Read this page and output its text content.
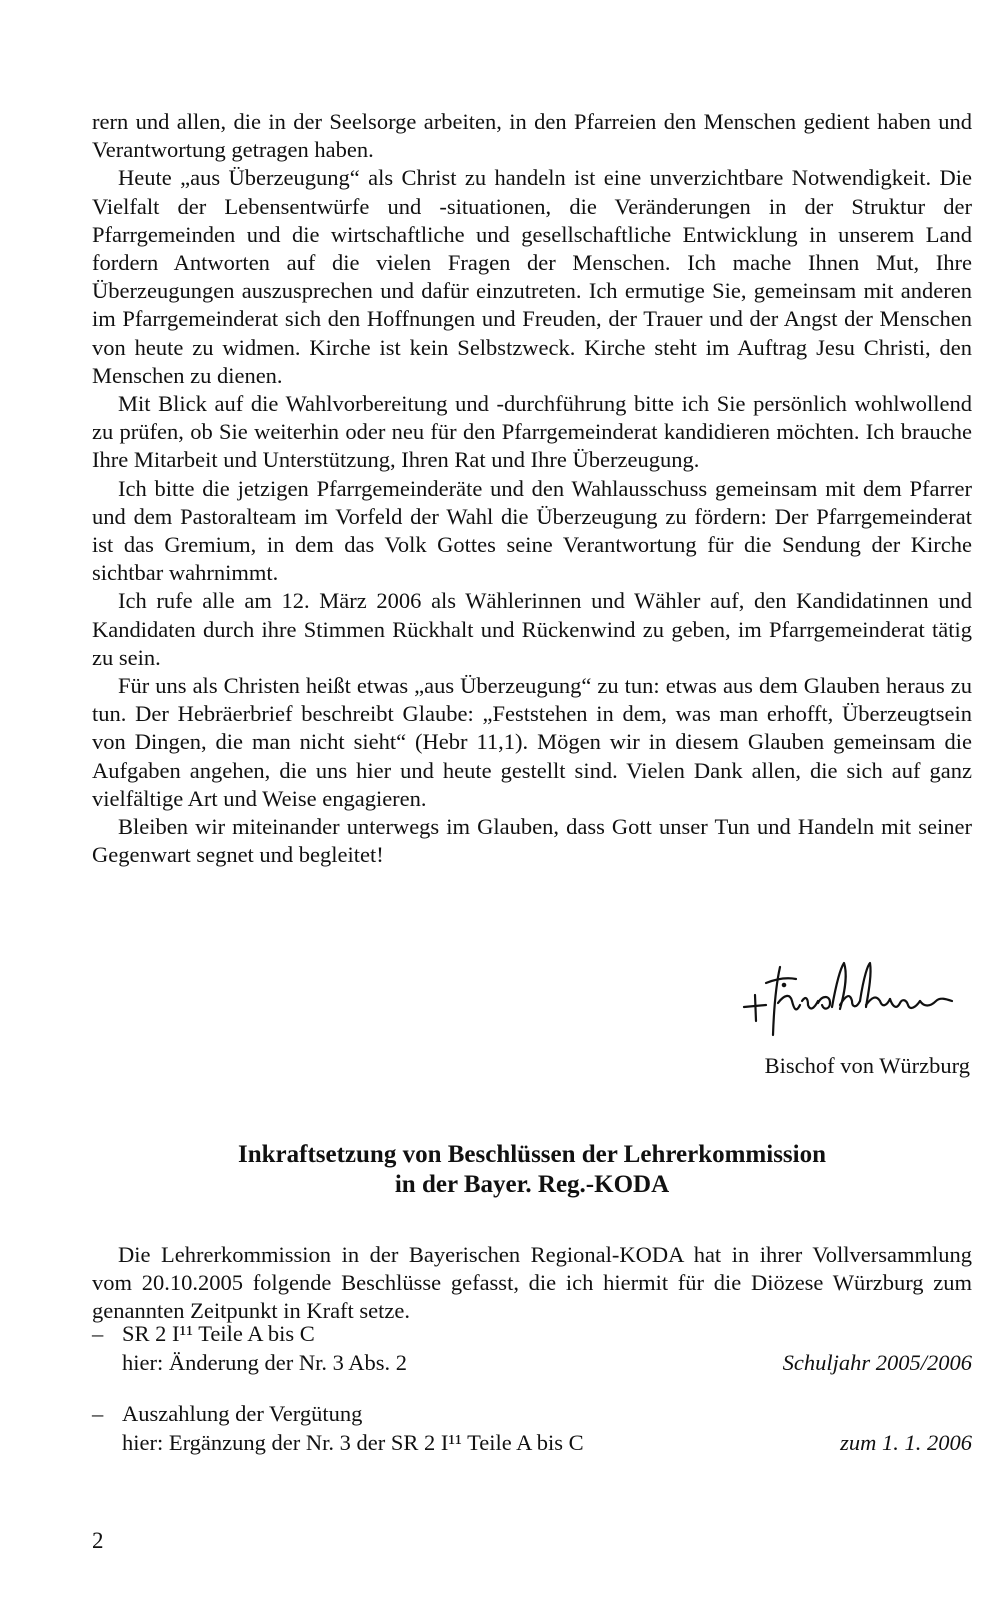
rern und allen, die in der Seelsorge arbeiten, in den Pfarreien den Menschen gedient haben und Verantwortung getragen haben.

Heute „aus Überzeugung“ als Christ zu handeln ist eine unverzichtbare Notwendigkeit. Die Vielfalt der Lebensentwürfe und -situationen, die Veränderungen in der Struktur der Pfarrgemeinden und die wirtschaftliche und gesellschaftliche Entwicklung in unserem Land fordern Antworten auf die vielen Fragen der Menschen. Ich mache Ihnen Mut, Ihre Überzeugungen auszusprechen und dafür einzutreten. Ich ermutige Sie, gemeinsam mit anderen im Pfarrgemeinderat sich den Hoffnungen und Freuden, der Trauer und der Angst der Menschen von heute zu widmen. Kirche ist kein Selbstzweck. Kirche steht im Auftrag Jesu Christi, den Menschen zu dienen.

Mit Blick auf die Wahlvorbereitung und -durchführung bitte ich Sie persönlich wohlwollend zu prüfen, ob Sie weiterhin oder neu für den Pfarrgemeinderat kandidieren möchten. Ich brauche Ihre Mitarbeit und Unterstützung, Ihren Rat und Ihre Überzeugung.

Ich bitte die jetzigen Pfarrgemeinderäte und den Wahlausschuss gemeinsam mit dem Pfarrer und dem Pastoralteam im Vorfeld der Wahl die Überzeugung zu fördern: Der Pfarrgemeinderat ist das Gremium, in dem das Volk Gottes seine Verantwortung für die Sendung der Kirche sichtbar wahrnimmt.

Ich rufe alle am 12. März 2006 als Wählerinnen und Wähler auf, den Kandidatinnen und Kandidaten durch ihre Stimmen Rückhalt und Rückenwind zu geben, im Pfarrgemeinderat tätig zu sein.

Für uns als Christen heißt etwas „aus Überzeugung“ zu tun: etwas aus dem Glauben heraus zu tun. Der Hebräerbrief beschreibt Glaube: „Feststehen in dem, was man erhofft, Überzeugtsein von Dingen, die man nicht sieht“ (Hebr 11,1). Mögen wir in diesem Glauben gemeinsam die Aufgaben angehen, die uns hier und heute gestellt sind. Vielen Dank allen, die sich auf ganz vielfältige Art und Weise engagieren.

Bleiben wir miteinander unterwegs im Glauben, dass Gott unser Tun und Handeln mit seiner Gegenwart segnet und begleitet!

Bischof von Würzburg
Inkraftsetzung von Beschlüssen der Lehrerkommission
in der Bayer. Reg.-KODA

Die Lehrerkommission in der Bayerischen Regional-KODA hat in ihrer Vollversammlung vom 20.10.2005 folgende Beschlüsse gefasst, die ich hiermit für die Diözese Würzburg zum genannten Zeitpunkt in Kraft setze.

– SR 2 I¹¹ Teile A bis C
hier: Änderung der Nr. 3 Abs. 2	Schuljahr 2005/2006
– Auszahlung der Vergütung
hier: Ergänzung der Nr. 3 der SR 2 I¹¹ Teile A bis C	zum 1. 1. 2006
2
